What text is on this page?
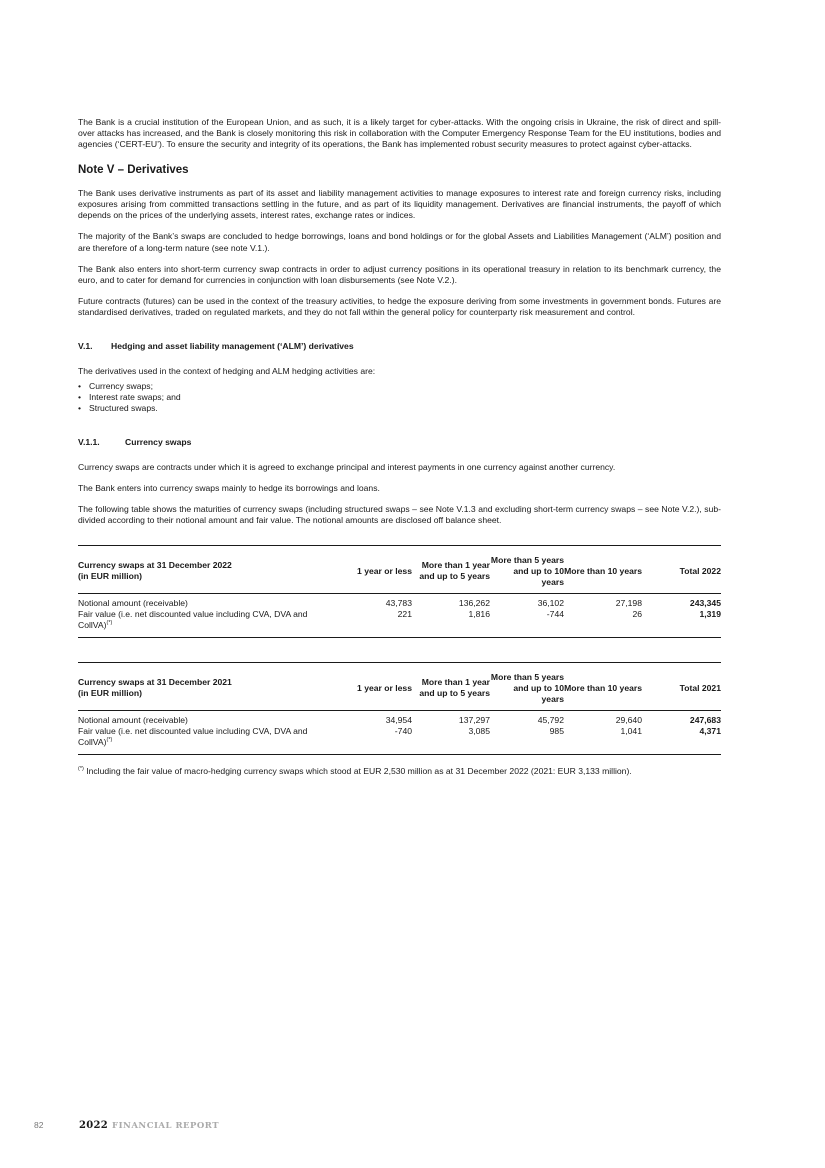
The Bank is a crucial institution of the European Union, and as such, it is a likely target for cyber-attacks. With the ongoing crisis in Ukraine, the risk of direct and spill-over attacks has increased, and the Bank is closely monitoring this risk in collaboration with the Computer Emergency Response Team for the EU institutions, bodies and agencies (‘CERT-EU’). To ensure the security and integrity of its operations, the Bank has implemented robust security measures to protect against cyber-attacks.

Note V – Derivatives

The Bank uses derivative instruments as part of its asset and liability management activities to manage exposures to interest rate and foreign currency risks, including exposures arising from committed transactions settling in the future, and as part of its liquidity management. Derivatives are financial instruments, the payoff of which depends on the prices of the underlying assets, interest rates, exchange rates or indices.

The majority of the Bank’s swaps are concluded to hedge borrowings, loans and bond holdings or for the global Assets and Liabilities Management (‘ALM’) position and are therefore of a long-term nature (see note V.1.).

The Bank also enters into short-term currency swap contracts in order to adjust currency positions in its operational treasury in relation to its benchmark currency, the euro, and to cater for demand for currencies in conjunction with loan disbursements (see Note V.2.).

Future contracts (futures) can be used in the context of the treasury activities, to hedge the exposure deriving from some investments in government bonds. Futures are standardised derivatives, traded on regulated markets, and they do not fall within the general policy for counterparty risk measurement and control.

V.1.	Hedging and asset liability management (‘ALM’) derivatives

The derivatives used in the context of hedging and ALM hedging activities are:

• Currency swaps;
• Interest rate swaps; and
• Structured swaps.
V.1.1.	Currency swaps

Currency swaps are contracts under which it is agreed to exchange principal and interest payments in one currency against another currency.

The Bank enters into currency swaps mainly to hedge its borrowings and loans.

The following table shows the maturities of currency swaps (including structured swaps – see Note V.1.3 and excluding short-term currency swaps – see Note V.2.), sub-divided according to their notional amount and fair value. The notional amounts are disclosed off balance sheet.

Currency swaps at 31 December 2022
(in EUR million)	1 year or less	More than 1 year and up to 5 years	More than 5 years and up to 10 years	More than 10 years	Total 2022
Notional amount (receivable)	43,783	136,262	36,102	27,198	243,345
Fair value (i.e. net discounted value including CVA, DVA and CollVA)(*)	221	1,816	-744	26	1,319
Currency swaps at 31 December 2021
(in EUR million)	1 year or less	More than 1 year and up to 5 years	More than 5 years and up to 10 years	More than 10 years	Total 2021
Notional amount (receivable)	34,954	137,297	45,792	29,640	247,683
Fair value (i.e. net discounted value including CVA, DVA and CollVA)(*)	-740	3,085	985	1,041	4,371

(*) Including the fair value of macro-hedging currency swaps which stood at EUR 2,530 million as at 31 December 2022 (2021: EUR 3,133 million).

82	2022 FINANCIAL REPORT
